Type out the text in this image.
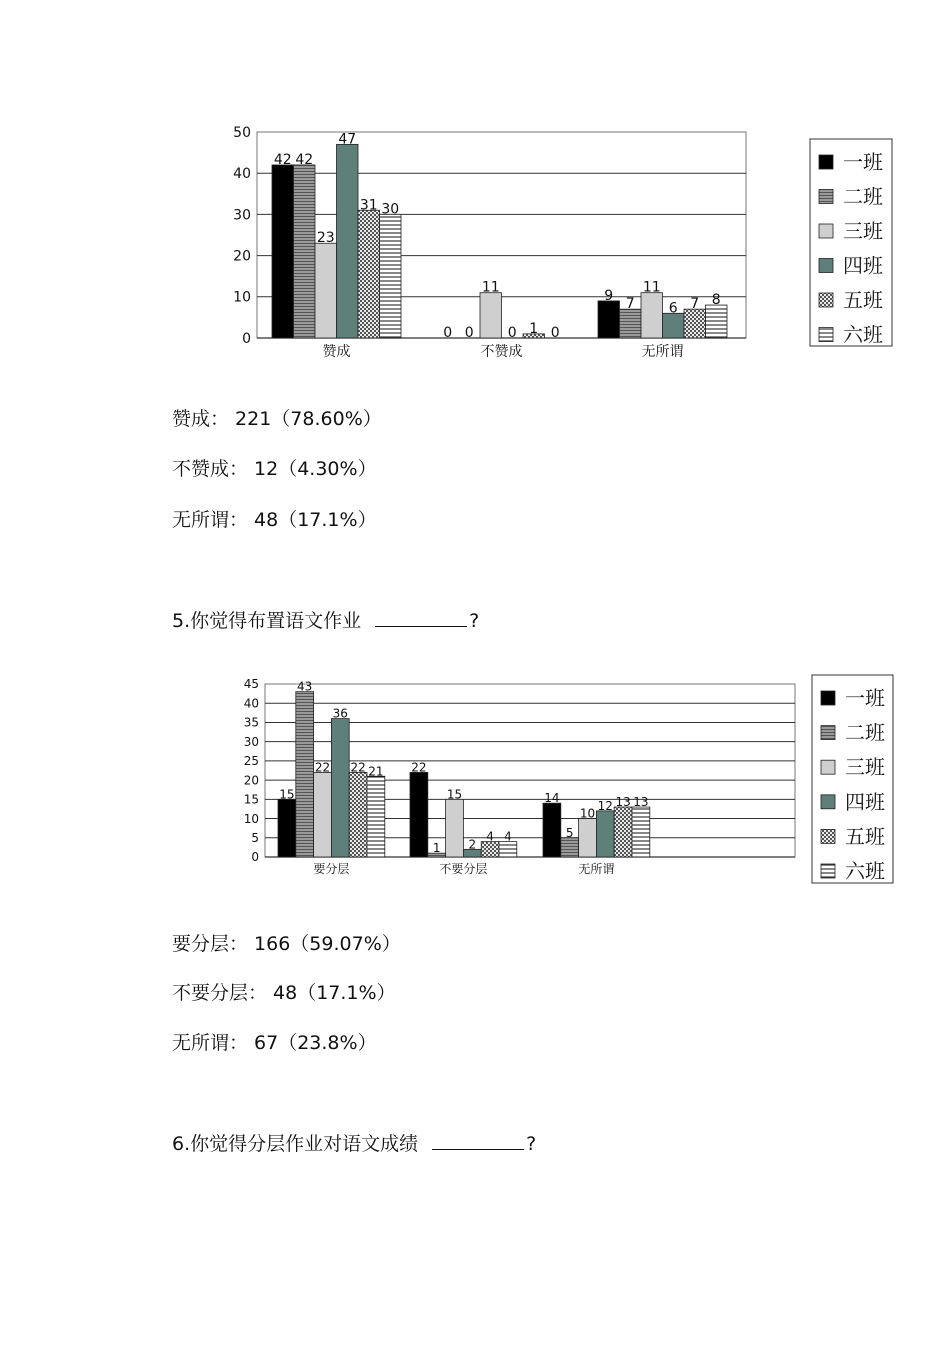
0
10
20
30
40
50
42 42
23
47
31 30
赞成
0 0
11
0 1 0
不赞成
9
7
11
6 7 8
无所谓
一班
二班
三班
四班
五班
六班
0
5
10
15
20
25
30
35
40
45
15
43
22
36
22 21
要分层
22
1
15
2
4 4
不要分层
14
5
10
12 13 13
无所谓
一班
二班
三班
四班
五班
六班
赞成： 221（78.60%）
不赞成： 12（4.30%）
无所谓： 48（17.1%）
5.你觉得布置语文作业	?
要分层： 166（59.07%）
不要分层： 48（17.1%）
无所谓： 67（23.8%）
6.你觉得分层作业对语文成绩	?
